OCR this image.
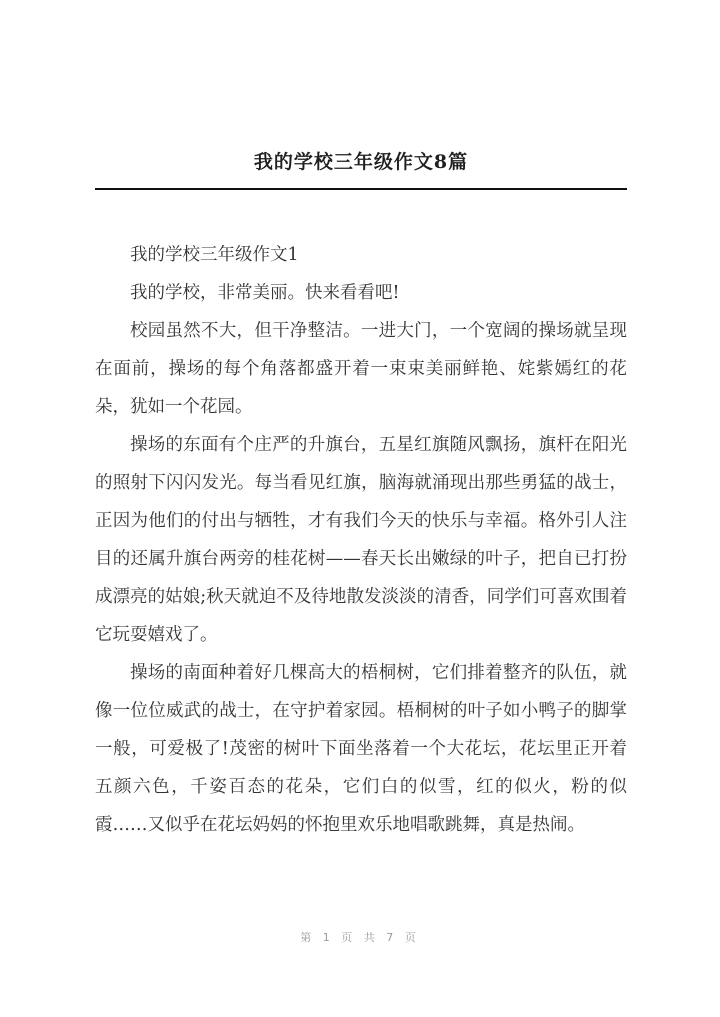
我的学校三年级作文8篇

我的学校三年级作文1

我的学校，非常美丽。快来看看吧!

校园虽然不大，但干净整洁。一进大门，一个宽阔的操场就呈现在面前，操场的每个角落都盛开着一束束美丽鲜艳、姹紫嫣红的花朵，犹如一个花园。

操场的东面有个庄严的升旗台，五星红旗随风飘扬，旗杆在阳光的照射下闪闪发光。每当看见红旗，脑海就涌现出那些勇猛的战士，正因为他们的付出与牺牲，才有我们今天的快乐与幸福。格外引人注目的还属升旗台两旁的桂花树——春天长出嫩绿的叶子，把自已打扮成漂亮的姑娘;秋天就迫不及待地散发淡淡的清香，同学们可喜欢围着它玩耍嬉戏了。

操场的南面种着好几棵高大的梧桐树，它们排着整齐的队伍，就像一位位威武的战士，在守护着家园。梧桐树的叶子如小鸭子的脚掌一般，可爱极了!茂密的树叶下面坐落着一个大花坛，花坛里正开着五颜六色，千姿百态的花朵，它们白的似雪，红的似火，粉的似霞……又似乎在花坛妈妈的怀抱里欢乐地唱歌跳舞，真是热闹。

第 1 页 共 7 页
